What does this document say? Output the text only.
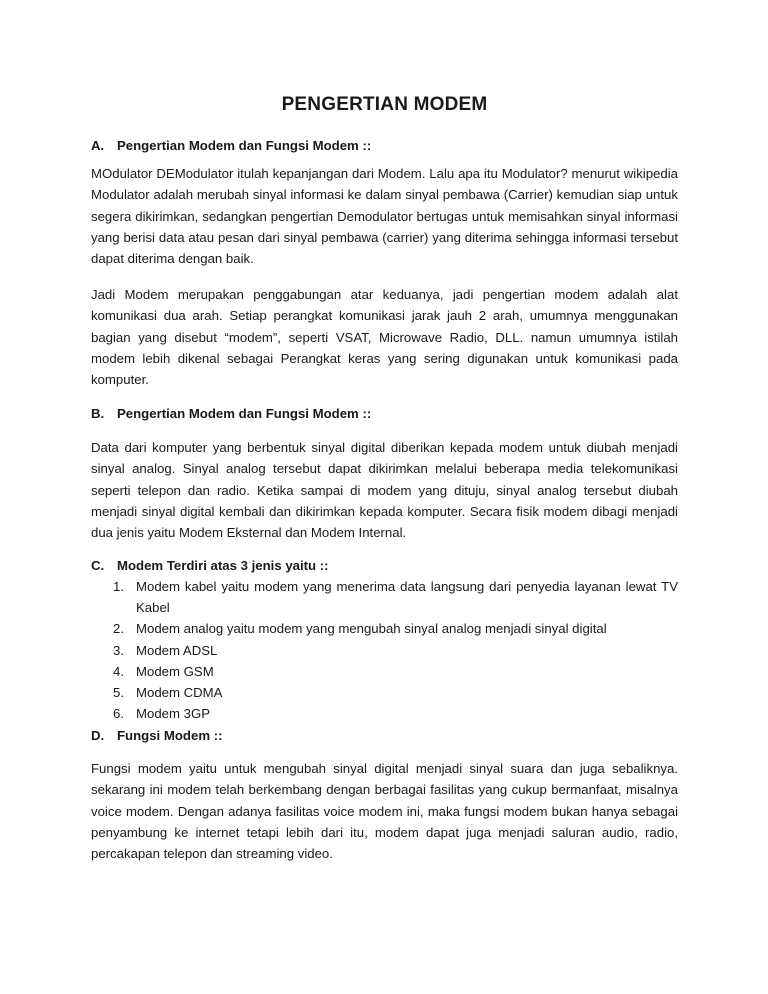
PENGERTIAN MODEM
A. Pengertian Modem dan Fungsi Modem ::

MOdulator DEModulator itulah kepanjangan dari Modem. Lalu apa itu Modulator? menurut wikipedia Modulator adalah merubah sinyal informasi ke dalam sinyal pembawa (Carrier) kemudian siap untuk segera dikirimkan, sedangkan pengertian Demodulator bertugas untuk memisahkan sinyal informasi yang berisi data atau pesan dari sinyal pembawa (carrier) yang diterima sehingga informasi tersebut dapat diterima dengan baik.

Jadi Modem merupakan penggabungan atar keduanya, jadi pengertian modem adalah alat komunikasi dua arah. Setiap perangkat komunikasi jarak jauh 2 arah, umumnya menggunakan bagian yang disebut “modem”, seperti VSAT, Microwave Radio, DLL. namun umumnya istilah modem lebih dikenal sebagai Perangkat keras yang sering digunakan untuk komunikasi pada komputer.

B. Pengertian Modem dan Fungsi Modem ::

Data dari komputer yang berbentuk sinyal digital diberikan kepada modem untuk diubah menjadi sinyal analog. Sinyal analog tersebut dapat dikirimkan melalui beberapa media telekomunikasi seperti telepon dan radio. Ketika sampai di modem yang dituju, sinyal analog tersebut diubah menjadi sinyal digital kembali dan dikirimkan kepada komputer. Secara fisik modem dibagi menjadi dua jenis yaitu Modem Eksternal dan Modem Internal.

C. Modem Terdiri atas 3 jenis yaitu ::
1. Modem kabel yaitu modem yang menerima data langsung dari penyedia layanan lewat TV Kabel
2. Modem analog yaitu modem yang mengubah sinyal analog menjadi sinyal digital
3. Modem ADSL
4. Modem GSM
5. Modem CDMA
6. Modem 3GP
D. Fungsi Modem ::

Fungsi modem yaitu untuk mengubah sinyal digital menjadi sinyal suara dan juga sebaliknya. sekarang ini modem telah berkembang dengan berbagai fasilitas yang cukup bermanfaat, misalnya voice modem. Dengan adanya fasilitas voice modem ini, maka fungsi modem bukan hanya sebagai penyambung ke internet tetapi lebih dari itu, modem dapat juga menjadi saluran audio, radio, percakapan telepon dan streaming video.
